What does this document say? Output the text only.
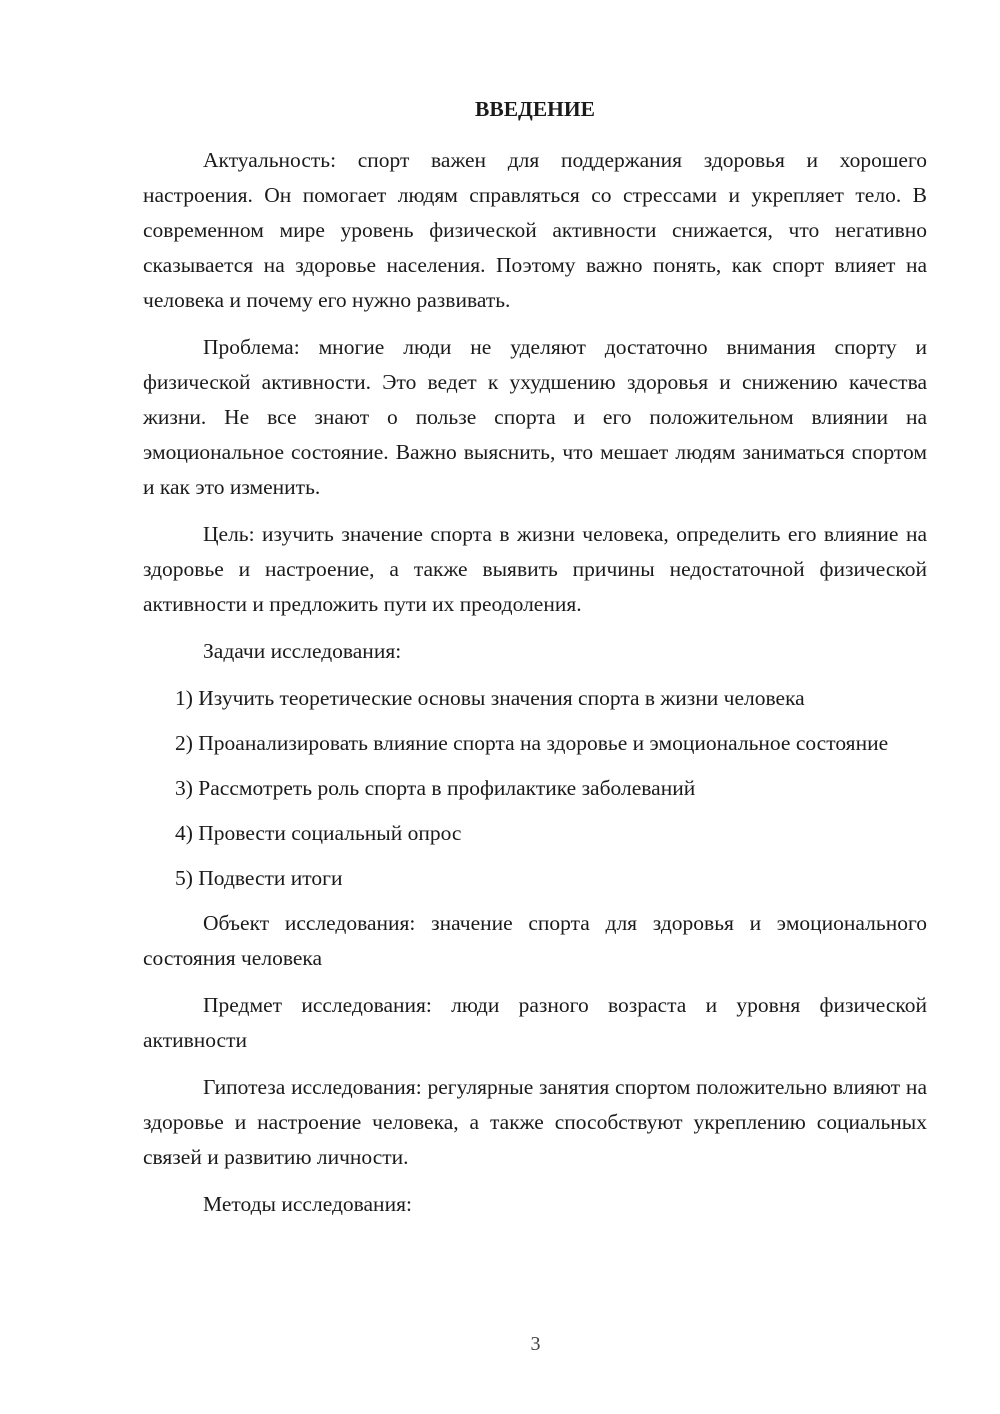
ВВЕДЕНИЕ

Актуальность: спорт важен для поддержания здоровья и хорошего настроения. Он помогает людям справляться со стрессами и укрепляет тело. В современном мире уровень физической активности снижается, что негативно сказывается на здоровье населения. Поэтому важно понять, как спорт влияет на человека и почему его нужно развивать.

Проблема: многие люди не уделяют достаточно внимания спорту и физической активности. Это ведет к ухудшению здоровья и снижению качества жизни. Не все знают о пользе спорта и его положительном влиянии на эмоциональное состояние. Важно выяснить, что мешает людям заниматься спортом и как это изменить.

Цель: изучить значение спорта в жизни человека, определить его влияние на здоровье и настроение, а также выявить причины недостаточной физической активности и предложить пути их преодоления.

Задачи исследования:

1) Изучить теоретические основы значения спорта в жизни человека

2) Проанализировать влияние спорта на здоровье и эмоциональное состояние

3) Рассмотреть роль спорта в профилактике заболеваний

4) Провести социальный опрос

5) Подвести итоги

Объект исследования: значение спорта для здоровья и эмоционального состояния человека

Предмет исследования: люди разного возраста и уровня физической активности

Гипотеза исследования: регулярные занятия спортом положительно влияют на здоровье и настроение человека, а также способствуют укреплению социальных связей и развитию личности.

Методы исследования:

3
